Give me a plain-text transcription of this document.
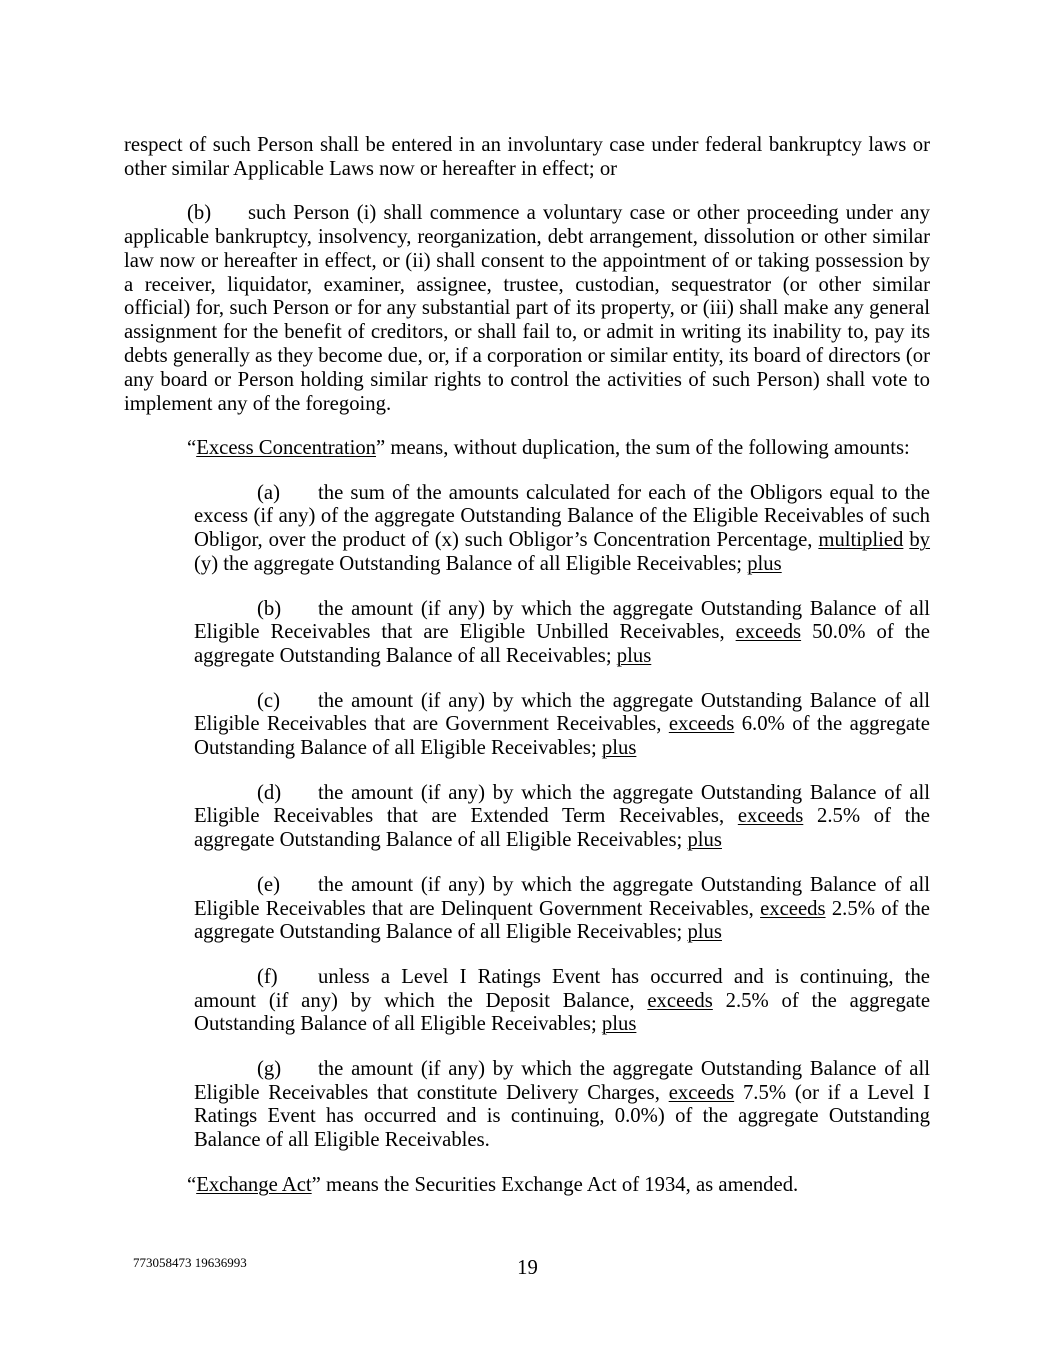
respect of such Person shall be entered in an involuntary case under federal bankruptcy laws or other similar Applicable Laws now or hereafter in effect; or

(b) such Person (i) shall commence a voluntary case or other proceeding under any applicable bankruptcy, insolvency, reorganization, debt arrangement, dissolution or other similar law now or hereafter in effect, or (ii) shall consent to the appointment of or taking possession by a receiver, liquidator, examiner, assignee, trustee, custodian, sequestrator (or other similar official) for, such Person or for any substantial part of its property, or (iii) shall make any general assignment for the benefit of creditors, or shall fail to, or admit in writing its inability to, pay its debts generally as they become due, or, if a corporation or similar entity, its board of directors (or any board or Person holding similar rights to control the activities of such Person) shall vote to implement any of the foregoing.

“Excess Concentration” means, without duplication, the sum of the following amounts:

(a) the sum of the amounts calculated for each of the Obligors equal to the excess (if any) of the aggregate Outstanding Balance of the Eligible Receivables of such Obligor, over the product of (x) such Obligor’s Concentration Percentage, multiplied by (y) the aggregate Outstanding Balance of all Eligible Receivables; plus

(b) the amount (if any) by which the aggregate Outstanding Balance of all Eligible Receivables that are Eligible Unbilled Receivables, exceeds 50.0% of the aggregate Outstanding Balance of all Receivables; plus

(c) the amount (if any) by which the aggregate Outstanding Balance of all Eligible Receivables that are Government Receivables, exceeds 6.0% of the aggregate Outstanding Balance of all Eligible Receivables; plus

(d) the amount (if any) by which the aggregate Outstanding Balance of all Eligible Receivables that are Extended Term Receivables, exceeds 2.5% of the aggregate Outstanding Balance of all Eligible Receivables; plus

(e) the amount (if any) by which the aggregate Outstanding Balance of all Eligible Receivables that are Delinquent Government Receivables, exceeds 2.5% of the aggregate Outstanding Balance of all Eligible Receivables; plus

(f) unless a Level I Ratings Event has occurred and is continuing, the amount (if any) by which the Deposit Balance, exceeds 2.5% of the aggregate Outstanding Balance of all Eligible Receivables; plus

(g) the amount (if any) by which the aggregate Outstanding Balance of all Eligible Receivables that constitute Delivery Charges, exceeds 7.5% (or if a Level I Ratings Event has occurred and is continuing, 0.0%) of the aggregate Outstanding Balance of all Eligible Receivables.

“Exchange Act” means the Securities Exchange Act of 1934, as amended.

773058473 19636993	19
